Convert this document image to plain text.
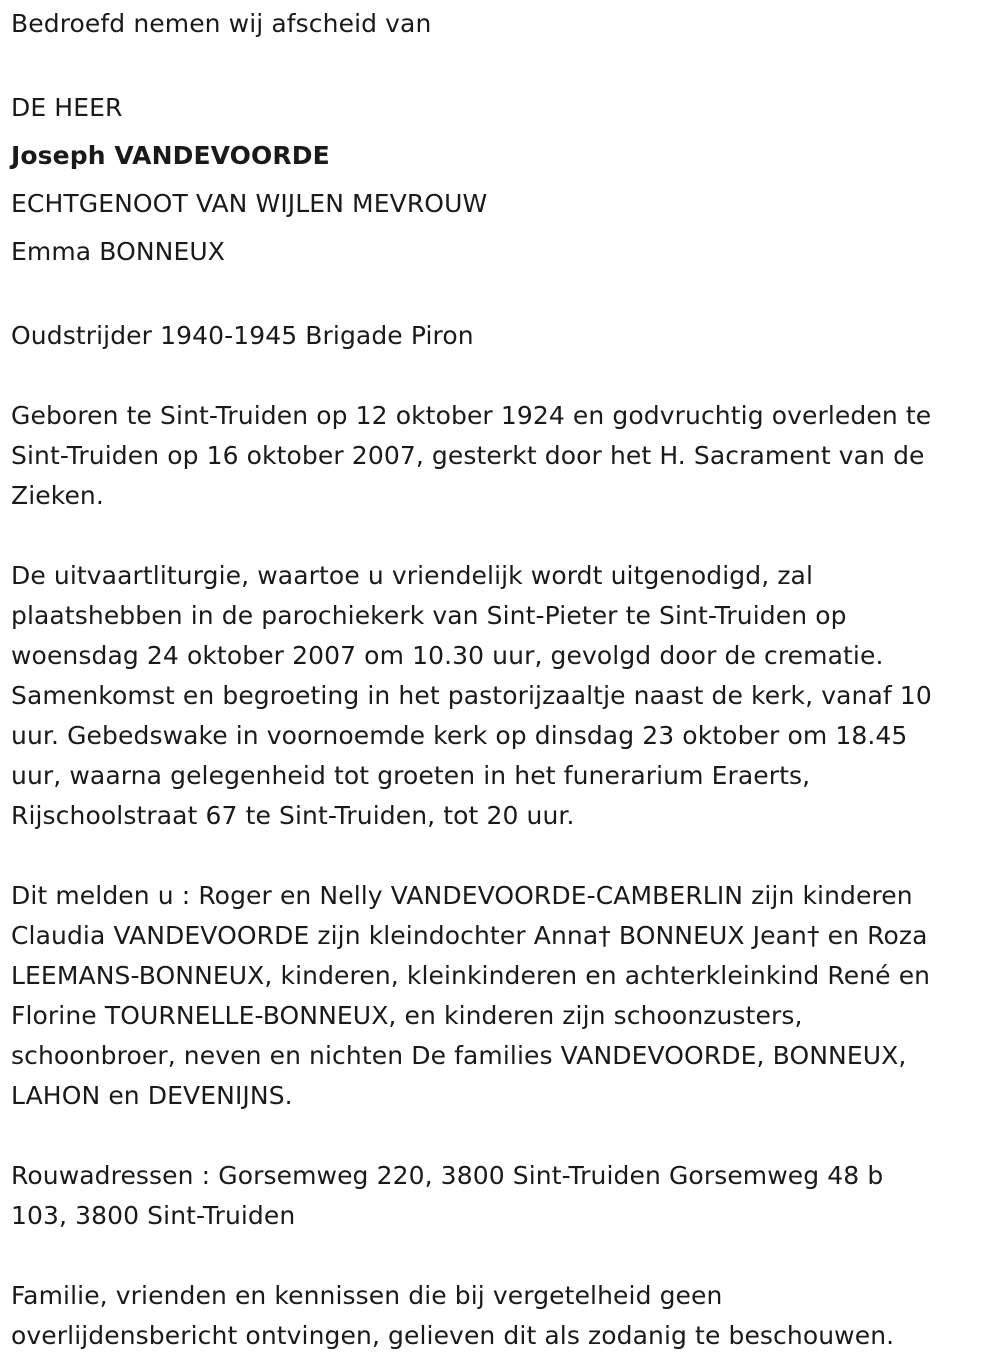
Bedroefd nemen wij afscheid van
DE HEER
Joseph VANDEVOORDE
ECHTGENOOT VAN WIJLEN MEVROUW
Emma BONNEUX
Oudstrijder 1940-1945 Brigade Piron
Geboren te Sint-Truiden op 12 oktober 1924 en godvruchtig overleden te
Sint-Truiden op 16 oktober 2007, gesterkt door het H. Sacrament van de
Zieken.
De uitvaartliturgie, waartoe u vriendelijk wordt uitgenodigd, zal
plaatshebben in de parochiekerk van Sint-Pieter te Sint-Truiden op
woensdag 24 oktober 2007 om 10.30 uur, gevolgd door de crematie.
Samenkomst en begroeting in het pastorijzaaltje naast de kerk, vanaf 10
uur. Gebedswake in voornoemde kerk op dinsdag 23 oktober om 18.45
uur, waarna gelegenheid tot groeten in het funerarium Eraerts,
Rijschoolstraat 67 te Sint-Truiden, tot 20 uur.
Dit melden u : Roger en Nelly VANDEVOORDE-CAMBERLIN zijn kinderen
Claudia VANDEVOORDE zijn kleindochter Anna† BONNEUX Jean† en Roza
LEEMANS-BONNEUX, kinderen, kleinkinderen en achterkleinkind René en
Florine TOURNELLE-BONNEUX, en kinderen zijn schoonzusters,
schoonbroer, neven en nichten De families VANDEVOORDE, BONNEUX,
LAHON en DEVENIJNS.
Rouwadressen : Gorsemweg 220, 3800 Sint-Truiden Gorsemweg 48 b
103, 3800 Sint-Truiden
Familie, vrienden en kennissen die bij vergetelheid geen
overlijdensbericht ontvingen, gelieven dit als zodanig te beschouwen.
